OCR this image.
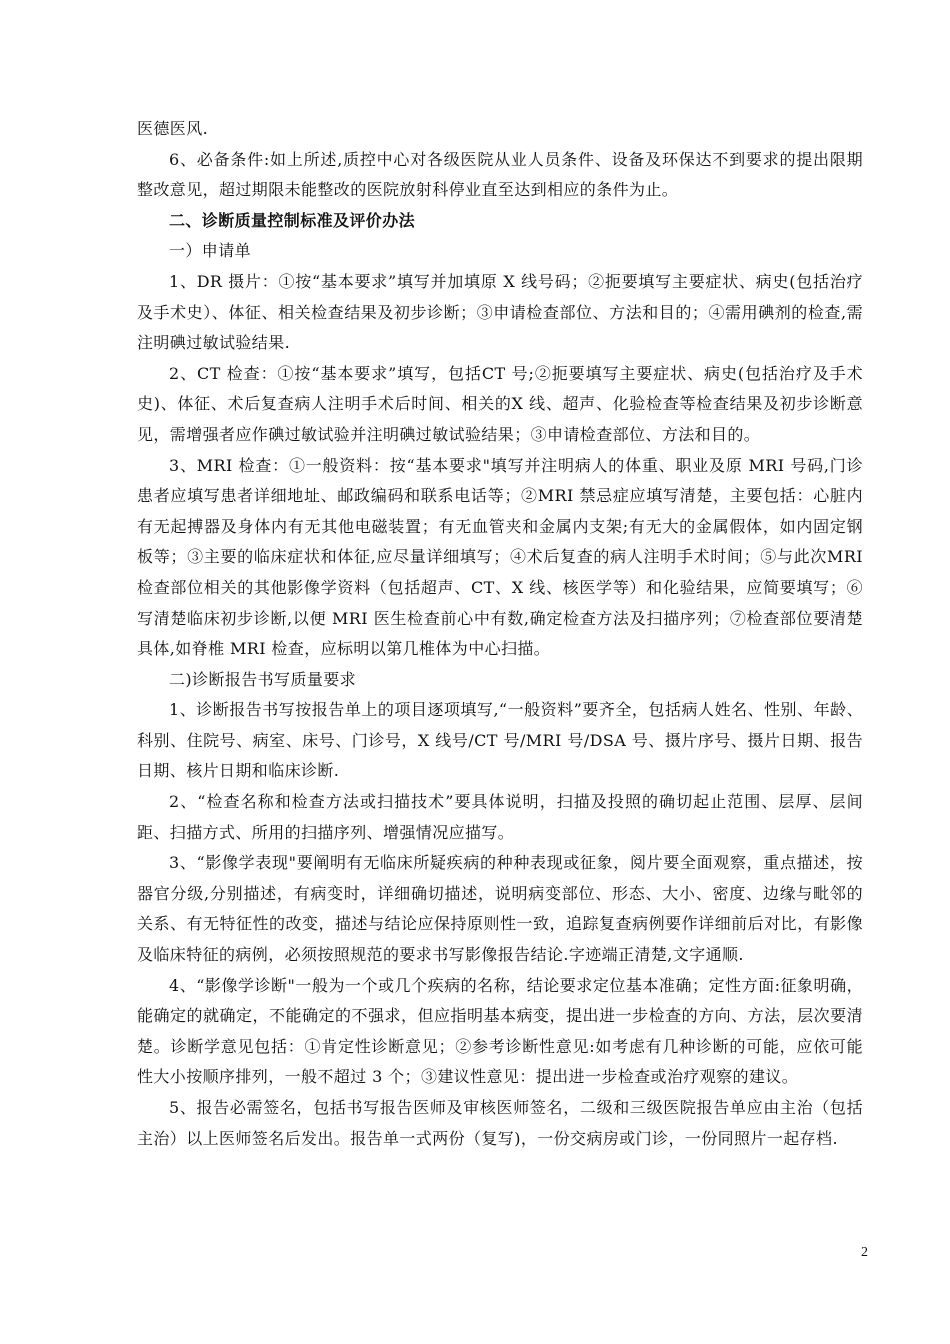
医德医风.

6、必备条件:如上所述,质控中心对各级医院从业人员条件、设备及环保达不到要求的提出限期整改意见，超过期限未能整改的医院放射科停业直至达到相应的条件为止。

二、诊断质量控制标准及评价办法

一）申请单

1、DR 摄片：①按“基本要求”填写并加填原 X 线号码；②扼要填写主要症状、病史(包括治疗及手术史）、体征、相关检查结果及初步诊断；③申请检查部位、方法和目的；④需用碘剂的检查,需注明碘过敏试验结果.

2、CT 检查：①按“基本要求”填写，包括CT 号;②扼要填写主要症状、病史(包括治疗及手术史)、体征、术后复查病人注明手术后时间、相关的X 线、超声、化验检查等检查结果及初步诊断意见，需增强者应作碘过敏试验并注明碘过敏试验结果；③申请检查部位、方法和目的。

3、MRI 检查：①一般资料：按“基本要求"填写并注明病人的体重、职业及原 MRI 号码,门诊患者应填写患者详细地址、邮政编码和联系电话等；②MRI 禁忌症应填写清楚，主要包括：心脏内有无起搏器及身体内有无其他电磁装置；有无血管夹和金属内支架;有无大的金属假体，如内固定钢板等；③主要的临床症状和体征,应尽量详细填写；④术后复查的病人注明手术时间；⑤与此次MRI 检查部位相关的其他影像学资料（包括超声、CT、X 线、核医学等）和化验结果，应简要填写；⑥写清楚临床初步诊断,以便 MRI 医生检查前心中有数,确定检查方法及扫描序列；⑦检查部位要清楚具体,如脊椎 MRI 检查，应标明以第几椎体为中心扫描。

二)诊断报告书写质量要求

1、诊断报告书写按报告单上的项目逐项填写,“一般资料”要齐全，包括病人姓名、性别、年龄、科别、住院号、病室、床号、门诊号，X 线号/CT 号/MRI 号/DSA 号、摄片序号、摄片日期、报告日期、核片日期和临床诊断.

2、“检查名称和检查方法或扫描技术”要具体说明，扫描及投照的确切起止范围、层厚、层间距、扫描方式、所用的扫描序列、增强情况应描写。

3、“影像学表现"要阐明有无临床所疑疾病的种种表现或征象，阅片要全面观察，重点描述，按器官分级,分别描述，有病变时，详细确切描述，说明病变部位、形态、大小、密度、边缘与毗邻的关系、有无特征性的改变，描述与结论应保持原则性一致，追踪复查病例要作详细前后对比，有影像及临床特征的病例，必须按照规范的要求书写影像报告结论.字迹端正清楚,文字通顺.

4、“影像学诊断"一般为一个或几个疾病的名称，结论要求定位基本准确；定性方面:征象明确，能确定的就确定，不能确定的不强求，但应指明基本病变，提出进一步检查的方向、方法，层次要清楚。诊断学意见包括：①肯定性诊断意见；②参考诊断性意见:如考虑有几种诊断的可能，应依可能性大小按顺序排列，一般不超过 3 个；③建议性意见：提出进一步检查或治疗观察的建议。

5、报告必需签名，包括书写报告医师及审核医师签名，二级和三级医院报告单应由主治（包括主治）以上医师签名后发出。报告单一式两份（复写)，一份交病房或门诊，一份同照片一起存档.

2
